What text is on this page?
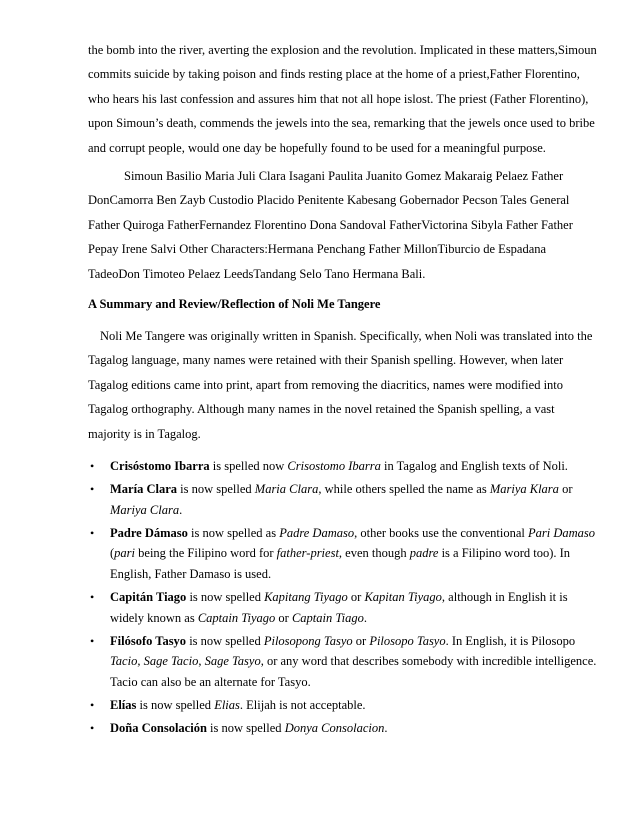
the bomb into the river, averting the explosion and the revolution. Implicated in these matters,Simoun commits suicide by taking poison and finds resting place at the home of a priest,Father Florentino, who hears his last confession and assures him that not all hope islost. The priest (Father Florentino), upon Simoun’s death, commends the jewels into the sea, remarking that the jewels once used to bribe and corrupt people, would one day be hopefully found to be used for a meaningful purpose.

Simoun Basilio Maria Juli Clara Isagani Paulita Juanito Gomez Makaraig Pelaez Father DonCamorra Ben Zayb Custodio Placido Penitente Kabesang Gobernador Pecson Tales General Father Quiroga FatherFernandez Florentino Dona Sandoval FatherVictorina Sibyla Father Father Pepay Irene Salvi Other Characters:Hermana Penchang Father MillonTiburcio de Espadana TadeoDon Timoteo Pelaez LeedsTandang Selo Tano Hermana Bali.

A Summary and Review/Reflection of Noli Me Tangere

Noli Me Tangere was originally written in Spanish. Specifically, when Noli was translated into the Tagalog language, many names were retained with their Spanish spelling. However, when later Tagalog editions came into print, apart from removing the diacritics, names were modified into Tagalog orthography. Although many names in the novel retained the Spanish spelling, a vast majority is in Tagalog.

• Crisóstomo Ibarra is spelled now Crisostomo Ibarra in Tagalog and English texts of Noli.
• María Clara is now spelled Maria Clara, while others spelled the name as Mariya Klara or Mariya Clara.
• Padre Dámaso is now spelled as Padre Damaso, other books use the conventional Pari Damaso (pari being the Filipino word for father-priest, even though padre is a Filipino word too). In English, Father Damaso is used.
• Capitán Tiago is now spelled Kapitang Tiyago or Kapitan Tiyago, although in English it is widely known as Captain Tiyago or Captain Tiago.
• Filósofo Tasyo is now spelled Pilosopong Tasyo or Pilosopo Tasyo. In English, it is Pilosopo Tacio, Sage Tacio, Sage Tasyo, or any word that describes somebody with incredible intelligence. Tacio can also be an alternate for Tasyo.
• Elías is now spelled Elias. Elijah is not acceptable.
• Doña Consolación is now spelled Donya Consolacion.
